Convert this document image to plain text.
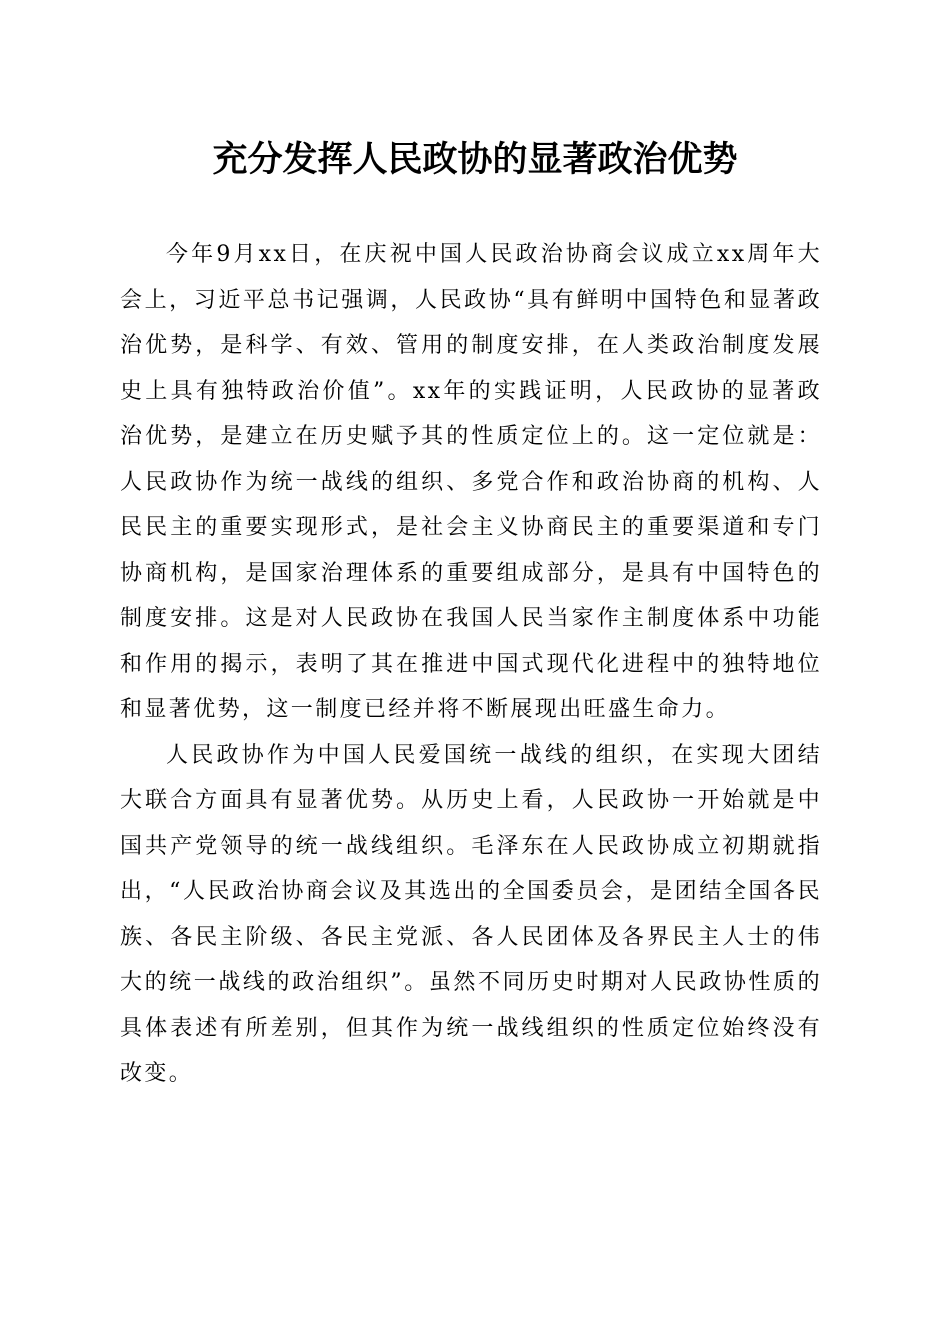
充分发挥人民政协的显著政治优势

今年9月xx日，在庆祝中国人民政治协商会议成立xx周年大会上，习近平总书记强调，人民政协“具有鲜明中国特色和显著政治优势，是科学、有效、管用的制度安排，在人类政治制度发展史上具有独特政治价值”。xx年的实践证明，人民政协的显著政治优势，是建立在历史赋予其的性质定位上的。这一定位就是：人民政协作为统一战线的组织、多党合作和政治协商的机构、人民民主的重要实现形式，是社会主义协商民主的重要渠道和专门协商机构，是国家治理体系的重要组成部分，是具有中国特色的制度安排。这是对人民政协在我国人民当家作主制度体系中功能和作用的揭示，表明了其在推进中国式现代化进程中的独特地位和显著优势，这一制度已经并将不断展现出旺盛生命力。

人民政协作为中国人民爱国统一战线的组织，在实现大团结大联合方面具有显著优势。从历史上看，人民政协一开始就是中国共产党领导的统一战线组织。毛泽东在人民政协成立初期就指出，“人民政治协商会议及其选出的全国委员会，是团结全国各民族、各民主阶级、各民主党派、各人民团体及各界民主人士的伟大的统一战线的政治组织”。虽然不同历史时期对人民政协性质的具体表述有所差别，但其作为统一战线组织的性质定位始终没有改变。
